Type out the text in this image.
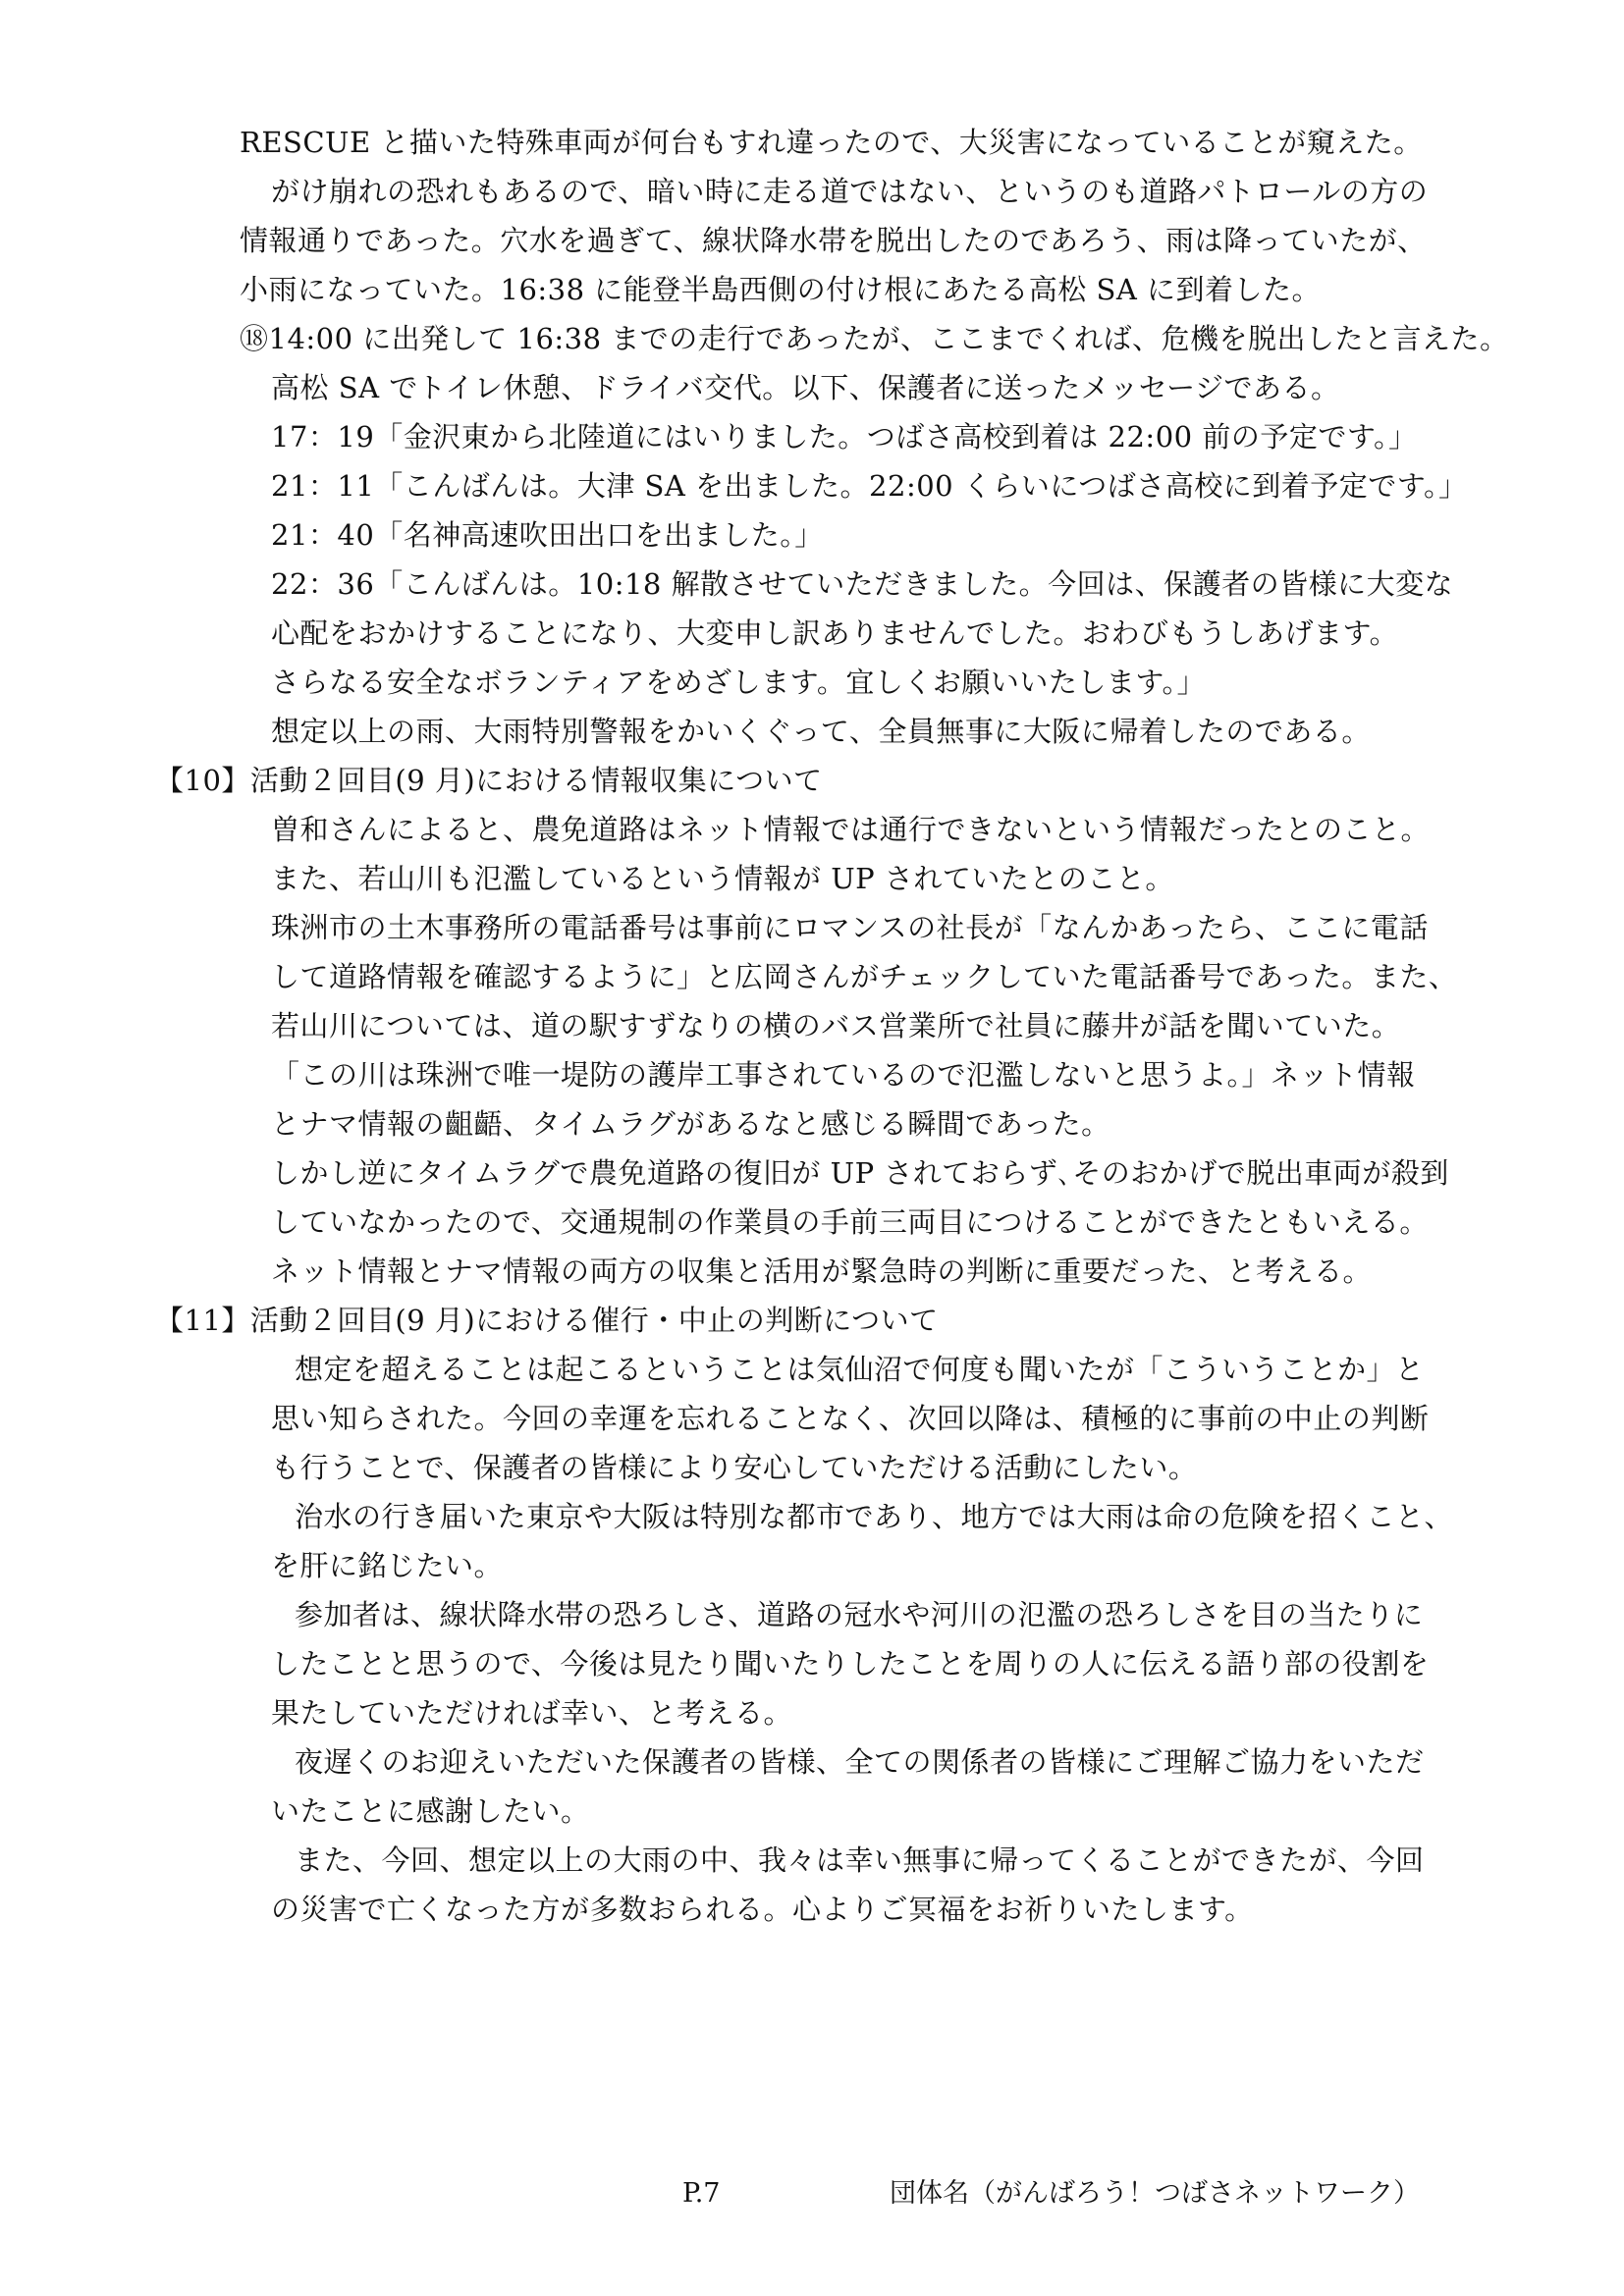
RESCUE と描いた特殊車両が何台もすれ違ったので、大災害になっていることが窺えた。
がけ崩れの恐れもあるので、暗い時に走る道ではない、というのも道路パトロールの方の
情報通りであった。穴水を過ぎて、線状降水帯を脱出したのであろう、雨は降っていたが、
小雨になっていた。16:38 に能登半島西側の付け根にあたる高松 SA に到着した。
⑱14:00 に出発して 16:38 までの走行であったが、ここまでくれば、危機を脱出したと言えた。
高松 SA でトイレ休憩、ドライバ交代。以下、保護者に送ったメッセージである。
17：19「金沢東から北陸道にはいりました。つばさ高校到着は 22:00 前の予定です。」
21：11「こんばんは。大津 SA を出ました。22:00 くらいにつばさ高校に到着予定です。」
21：40「名神高速吹田出口を出ました。」
22：36「こんばんは。10:18 解散させていただきました。今回は、保護者の皆様に大変な
心配をおかけすることになり、大変申し訳ありませんでした。おわびもうしあげます。
さらなる安全なボランティアをめざします。宜しくお願いいたします。」
想定以上の雨、大雨特別警報をかいくぐって、全員無事に大阪に帰着したのである。
【10】活動２回目(9 月)における情報収集について
曽和さんによると、農免道路はネット情報では通行できないという情報だったとのこと。
また、若山川も氾濫しているという情報が UP されていたとのこと。
珠洲市の土木事務所の電話番号は事前にロマンスの社長が「なんかあったら、ここに電話
して道路情報を確認するように」と広岡さんがチェックしていた電話番号であった。また、
若山川については、道の駅すずなりの横のバス営業所で社員に藤井が話を聞いていた。
「この川は珠洲で唯一堤防の護岸工事されているので氾濫しないと思うよ。」ネット情報
とナマ情報の齟齬、タイムラグがあるなと感じる瞬間であった。
しかし逆にタイムラグで農免道路の復旧が UP されておらず､そのおかげで脱出車両が殺到
していなかったので、交通規制の作業員の手前三両目につけることができたともいえる。
ネット情報とナマ情報の両方の収集と活用が緊急時の判断に重要だった、と考える。
【11】活動２回目(9 月)における催行・中止の判断について
想定を超えることは起こるということは気仙沼で何度も聞いたが「こういうことか」と
思い知らされた。今回の幸運を忘れることなく、次回以降は、積極的に事前の中止の判断
も行うことで、保護者の皆様により安心していただける活動にしたい。
治水の行き届いた東京や大阪は特別な都市であり、地方では大雨は命の危険を招くこと、
を肝に銘じたい。
参加者は、線状降水帯の恐ろしさ、道路の冠水や河川の氾濫の恐ろしさを目の当たりに
したことと思うので、今後は見たり聞いたりしたことを周りの人に伝える語り部の役割を
果たしていただければ幸い、と考える。
夜遅くのお迎えいただいた保護者の皆様、全ての関係者の皆様にご理解ご協力をいただ
いたことに感謝したい。
また、今回、想定以上の大雨の中、我々は幸い無事に帰ってくることができたが、今回
の災害で亡くなった方が多数おられる。心よりご冥福をお祈りいたします。
P.7	団体名（がんばろう！つばさネットワーク）
